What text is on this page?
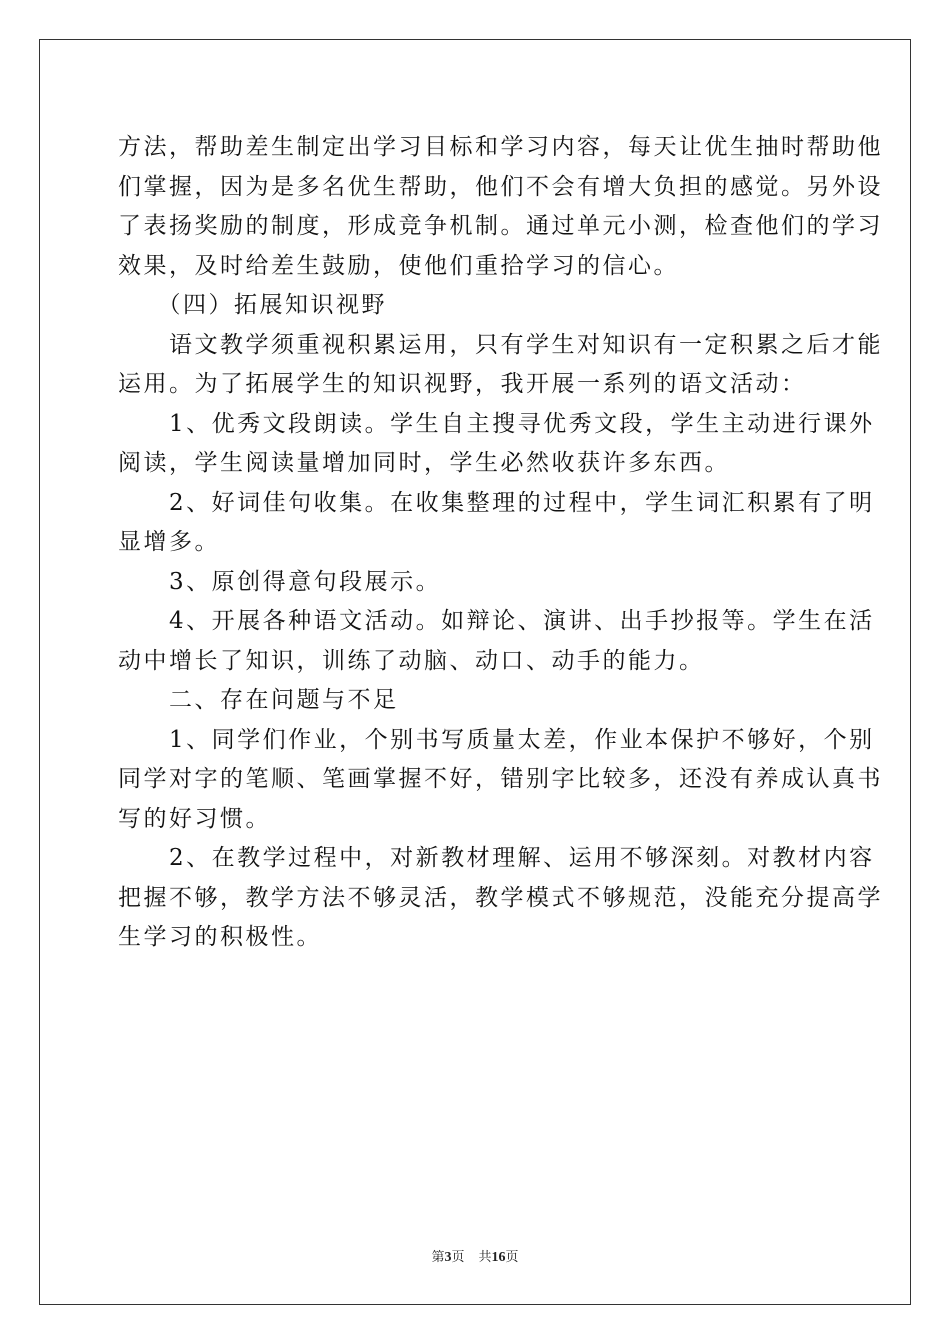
方法，帮助差生制定出学习目标和学习内容，每天让优生抽时帮助他
们掌握，因为是多名优生帮助，他们不会有增大负担的感觉。另外设
了表扬奖励的制度，形成竞争机制。通过单元小测，检查他们的学习
效果，及时给差生鼓励，使他们重拾学习的信心。
　　（四）拓展知识视野
　　语文教学须重视积累运用，只有学生对知识有一定积累之后才能
运用。为了拓展学生的知识视野，我开展一系列的语文活动：
　　1、优秀文段朗读。学生自主搜寻优秀文段，学生主动进行课外
阅读，学生阅读量增加同时，学生必然收获许多东西。
　　2、好词佳句收集。在收集整理的过程中，学生词汇积累有了明
显增多。
　　3、原创得意句段展示。
　　4、开展各种语文活动。如辩论、演讲、出手抄报等。学生在活
动中增长了知识，训练了动脑、动口、动手的能力。
　　二、存在问题与不足
　　1、同学们作业，个别书写质量太差，作业本保护不够好，个别
同学对字的笔顺、笔画掌握不好，错别字比较多，还没有养成认真书
写的好习惯。
　　2、在教学过程中，对新教材理解、运用不够深刻。对教材内容
把握不够，教学方法不够灵活，教学模式不够规范，没能充分提高学
生学习的积极性。
第3页 共16页
